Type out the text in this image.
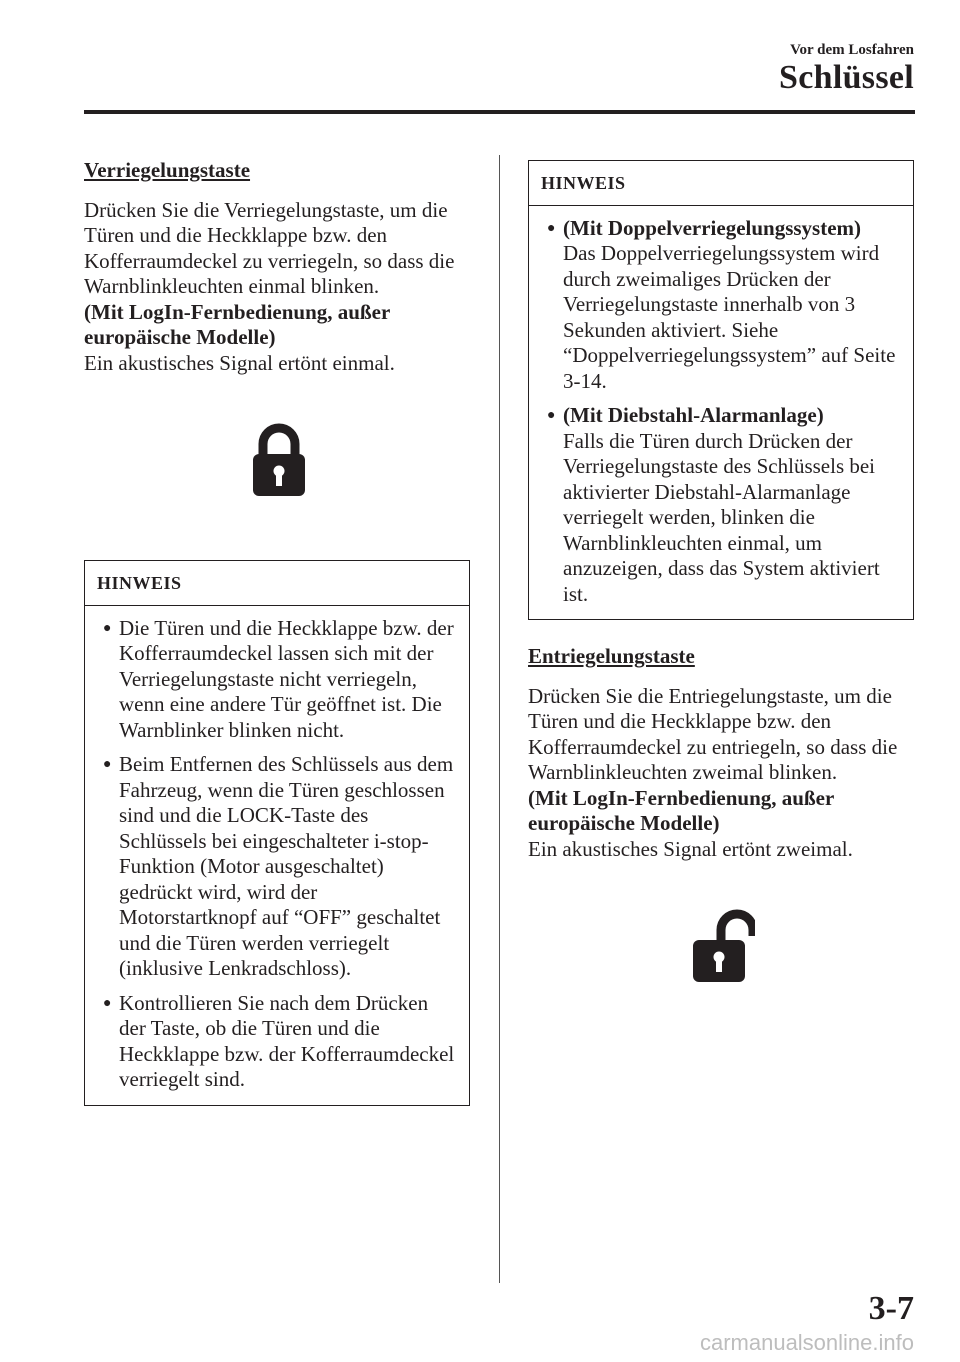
Vor dem Losfahren
Schlüssel

Verriegelungstaste

Drücken Sie die Verriegelungstaste, um die Türen und die Heckklappe bzw. den Kofferraumdeckel zu verriegeln, so dass die Warnblinkleuchten einmal blinken.

(Mit LogIn-Fernbedienung, außer europäische Modelle)

Ein akustisches Signal ertönt einmal.

HINWEIS
● Die Türen und die Heckklappe bzw. der Kofferraumdeckel lassen sich mit der Verriegelungstaste nicht verriegeln, wenn eine andere Tür geöffnet ist. Die Warnblinker blinken nicht.
● Beim Entfernen des Schlüssels aus dem Fahrzeug, wenn die Türen geschlossen sind und die LOCK-Taste des Schlüssels bei eingeschalteter i-stop-Funktion (Motor ausgeschaltet) gedrückt wird, wird der Motorstartknopf auf “OFF” geschaltet und die Türen werden verriegelt (inklusive Lenkradschloss).
● Kontrollieren Sie nach dem Drücken der Taste, ob die Türen und die Heckklappe bzw. der Kofferraumdeckel verriegelt sind.
HINWEIS
● (Mit Doppelverriegelungssystem)
Das Doppelverriegelungssystem wird durch zweimaliges Drücken der Verriegelungstaste innerhalb von 3 Sekunden aktiviert. Siehe “Doppelverriegelungssystem” auf Seite 3-14.
● (Mit Diebstahl-Alarmanlage)
Falls die Türen durch Drücken der Verriegelungstaste des Schlüssels bei aktivierter Diebstahl-Alarmanlage verriegelt werden, blinken die Warnblinkleuchten einmal, um anzuzeigen, dass das System aktiviert ist.

Entriegelungstaste

Drücken Sie die Entriegelungstaste, um die Türen und die Heckklappe bzw. den Kofferraumdeckel zu entriegeln, so dass die Warnblinkleuchten zweimal blinken.

(Mit LogIn-Fernbedienung, außer europäische Modelle)

Ein akustisches Signal ertönt zweimal.

3-7
carmanualsonline.info
